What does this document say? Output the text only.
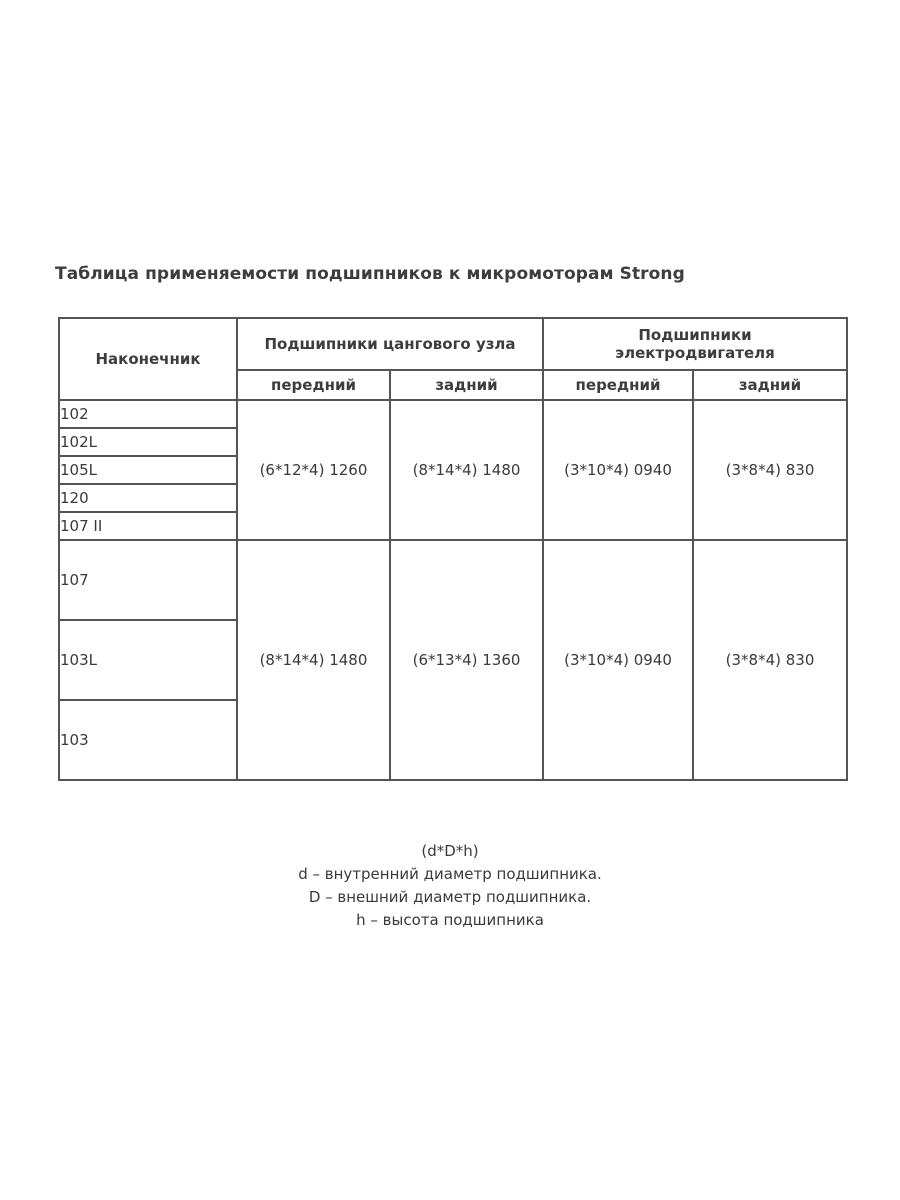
Таблица применяемости подшипников к микромоторам Strong
Наконечник	Подшипники цангового узла		Подшипники
электродвигателя	
	передний	задний	передний	задний
102	(6*12*4) 1260	(8*14*4) 1480	(3*10*4) 0940	(3*8*4) 830
102L				
105L				
120				
107 II				
107	(8*14*4) 1480	(6*13*4) 1360	(3*10*4) 0940	(3*8*4) 830
103L				
103				
(d*D*h)
d – внутренний диаметр подшипника.
D – внешний диаметр подшипника.
h – высота подшипника
